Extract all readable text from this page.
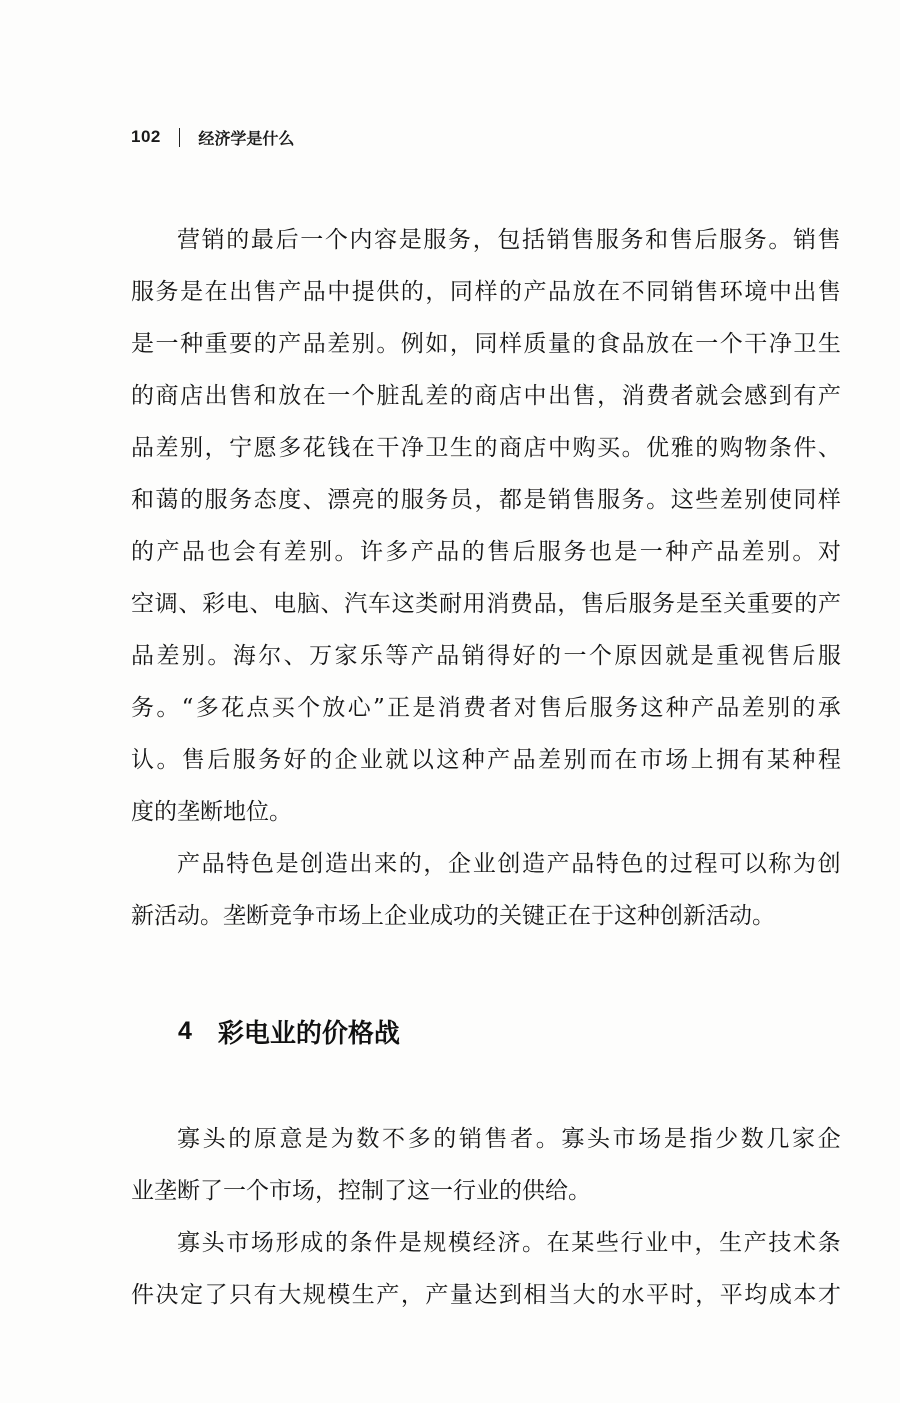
102 经济学是什么
营 销 的 最 后 一 个 内 容 是 服 务 ， 包 括 销 售 服 务 和 售 后 服 务 。 销 售
服 务 是 在 出 售 产 品 中 提 供 的 ， 同 样 的 产 品 放 在 不 同 销 售 环 境 中 出 售
是 一 种 重 要 的 产 品 差 别 。 例 如 ， 同 样 质 量 的 食 品 放 在 一 个 干 净 卫 生
的 商 店 出 售 和 放 在 一 个 脏 乱 差 的 商 店 中 出 售 ， 消 费 者 就 会 感 到 有 产
品 差 别 ， 宁 愿 多 花 钱 在 干 净 卫 生 的 商 店 中 购 买 。 优 雅 的 购 物 条 件 、
和 蔼 的 服 务 态 度 、 漂 亮 的 服 务 员 ， 都 是 销 售 服 务 。 这 些 差 别 使 同 样
的 产 品 也 会 有 差 别 。 许 多 产 品 的 售 后 服 务 也 是 一 种 产 品 差 别 。 对
空 调 、 彩 电 、 电 脑 、 汽 车 这 类 耐 用 消 费 品 ， 售 后 服 务 是 至 关 重 要 的 产
品 差 别 。 海 尔 、 万 家 乐 等 产 品 销 得 好 的 一 个 原 因 就 是 重 视 售 后 服
务 。 “ 多 花 点 买 个 放 心 ” 正 是 消 费 者 对 售 后 服 务 这 种 产 品 差 别 的 承
认 。 售 后 服 务 好 的 企 业 就 以 这 种 产 品 差 别 而 在 市 场 上 拥 有 某 种 程
度的垄断地位。
产 品 特 色 是 创 造 出 来 的 ， 企 业 创 造 产 品 特 色 的 过 程 可 以 称 为 创
新活动。垄断竞争市场上企业成功的关键正在于这种创新活动。
4 彩电业的价格战
寡 头 的 原 意 是 为 数 不 多 的 销 售 者 。 寡 头 市 场 是 指 少 数 几 家 企
业垄断了一个市场，控制了这一行业的供给。
寡 头 市 场 形 成 的 条 件 是 规 模 经 济 。 在 某 些 行 业 中 ， 生 产 技 术 条
件 决 定 了 只 有 大 规 模 生 产 ， 产 量 达 到 相 当 大 的 水 平 时 ， 平 均 成 本 才
